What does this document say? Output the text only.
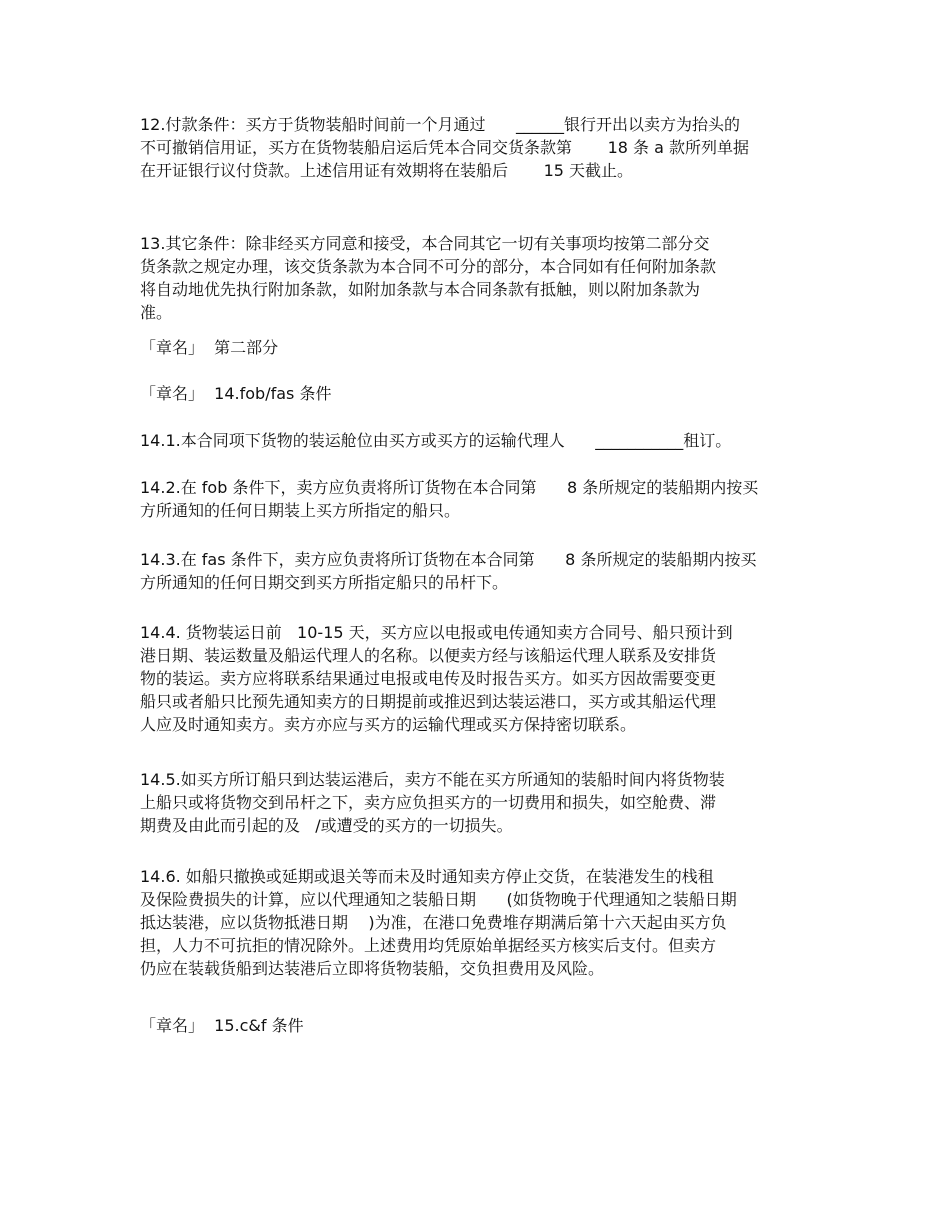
12.付款条件：买方于货物装船时间前一个月通过      ______银行开出以卖方为抬头的
不可撤销信用证，买方在货物装船启运后凭本合同交货条款第       18 条 a 款所列单据
在开证银行议付贷款。上述信用证有效期将在装船后       15 天截止。
13.其它条件：除非经买方同意和接受，本合同其它一切有关事项均按第二部分交
货条款之规定办理，该交货条款为本合同不可分的部分，本合同如有任何附加条款
将自动地优先执行附加条款，如附加条款与本合同条款有抵触，则以附加条款为
准。
「章名」  第二部分
「章名」  14.fob/fas 条件
14.1.本合同项下货物的装运舱位由买方或买方的运输代理人      ___________租订。
14.2.在 fob 条件下，卖方应负责将所订货物在本合同第      8 条所规定的装船期内按买
方所通知的任何日期装上买方所指定的船只。
14.3.在 fas 条件下，卖方应负责将所订货物在本合同第      8 条所规定的装船期内按买
方所通知的任何日期交到买方所指定船只的吊杆下。
14.4. 货物装运日前   10-15 天，买方应以电报或电传通知卖方合同号、船只预计到
港日期、装运数量及船运代理人的名称。以便卖方经与该船运代理人联系及安排货
物的装运。卖方应将联系结果通过电报或电传及时报告买方。如买方因故需要变更
船只或者船只比预先通知卖方的日期提前或推迟到达装运港口，买方或其船运代理
人应及时通知卖方。卖方亦应与买方的运输代理或买方保持密切联系。
14.5.如买方所订船只到达装运港后，卖方不能在买方所通知的装船时间内将货物装
上船只或将货物交到吊杆之下，卖方应负担买方的一切费用和损失，如空舱费、滞
期费及由此而引起的及   /或遭受的买方的一切损失。
14.6. 如船只撤换或延期或退关等而未及时通知卖方停止交货，在装港发生的栈租
及保险费损失的计算，应以代理通知之装船日期      (如货物晚于代理通知之装船日期
抵达装港，应以货物抵港日期    )为准，在港口免费堆存期满后第十六天起由买方负
担，人力不可抗拒的情况除外。上述费用均凭原始单据经买方核实后支付。但卖方
仍应在装载货船到达装港后立即将货物装船，交负担费用及风险。
「章名」  15.c&f 条件
